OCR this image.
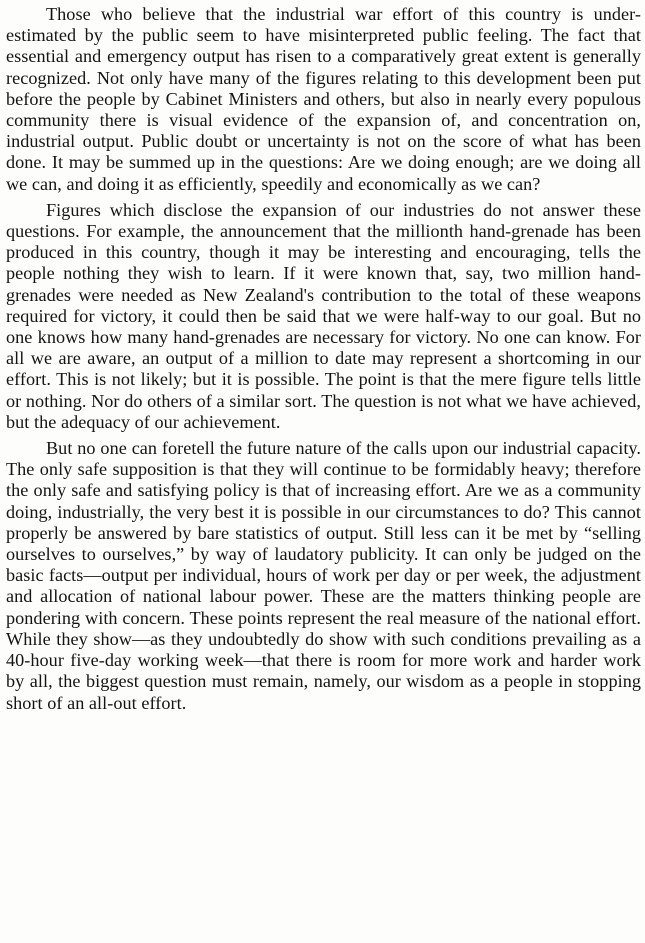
Those who believe that the industrial war effort of this country is under-estimated by the public seem to have misinterpreted public feeling. The fact that essential and emergency output has risen to a comparatively great extent is generally recognized. Not only have many of the figures relating to this development been put before the people by Cabinet Ministers and others, but also in nearly every populous community there is visual evidence of the expansion of, and concentration on, industrial output. Public doubt or uncertainty is not on the score of what has been done. It may be summed up in the questions: Are we doing enough; are we doing all we can, and doing it as efficiently, speedily and economically as we can?

Figures which disclose the expansion of our industries do not answer these questions. For example, the announcement that the millionth hand-grenade has been produced in this country, though it may be interesting and encouraging, tells the people nothing they wish to learn. If it were known that, say, two million hand-grenades were needed as New Zealand's contribution to the total of these weapons required for victory, it could then be said that we were half-way to our goal. But no one knows how many hand-grenades are necessary for victory. No one can know. For all we are aware, an output of a million to date may represent a shortcoming in our effort. This is not likely; but it is possible. The point is that the mere figure tells little or nothing. Nor do others of a similar sort. The question is not what we have achieved, but the adequacy of our achievement.

But no one can foretell the future nature of the calls upon our industrial capacity. The only safe supposition is that they will continue to be formidably heavy; therefore the only safe and satisfying policy is that of increasing effort. Are we as a community doing, industrially, the very best it is possible in our circumstances to do? This cannot properly be answered by bare statistics of output. Still less can it be met by “selling ourselves to ourselves,” by way of laudatory publicity. It can only be judged on the basic facts—output per individual, hours of work per day or per week, the adjustment and allocation of national labour power. These are the matters thinking people are pondering with concern. These points represent the real measure of the national effort. While they show—as they undoubtedly do show with such conditions prevailing as a 40-hour five-day working week—that there is room for more work and harder work by all, the biggest question must remain, namely, our wisdom as a people in stopping short of an all-out effort.
